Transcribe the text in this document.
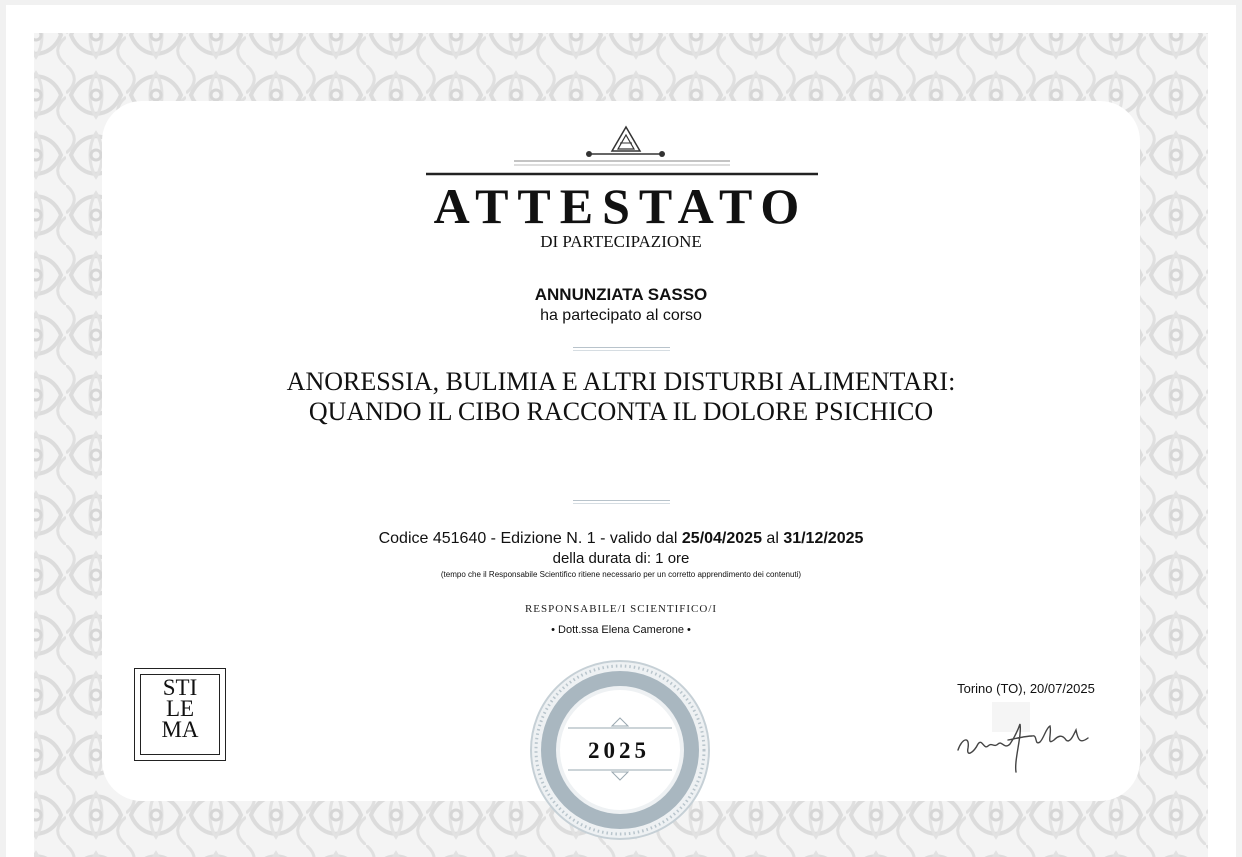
ATTESTATO
DI PARTECIPAZIONE
ANNUNZIATA SASSO
ha partecipato al corso
ANORESSIA, BULIMIA E ALTRI DISTURBI ALIMENTARI:
QUANDO IL CIBO RACCONTA IL DOLORE PSICHICO
Codice 451640 - Edizione N. 1 - valido dal 25/04/2025 al 31/12/2025
della durata di: 1 ore
(tempo che il Responsabile Scientifico ritiene necessario per un corretto apprendimento dei contenuti)
RESPONSABILE/I SCIENTIFICO/I
• Dott.ssa Elena Camerone •
STI
LE
MA
2025
Torino (TO), 20/07/2025
